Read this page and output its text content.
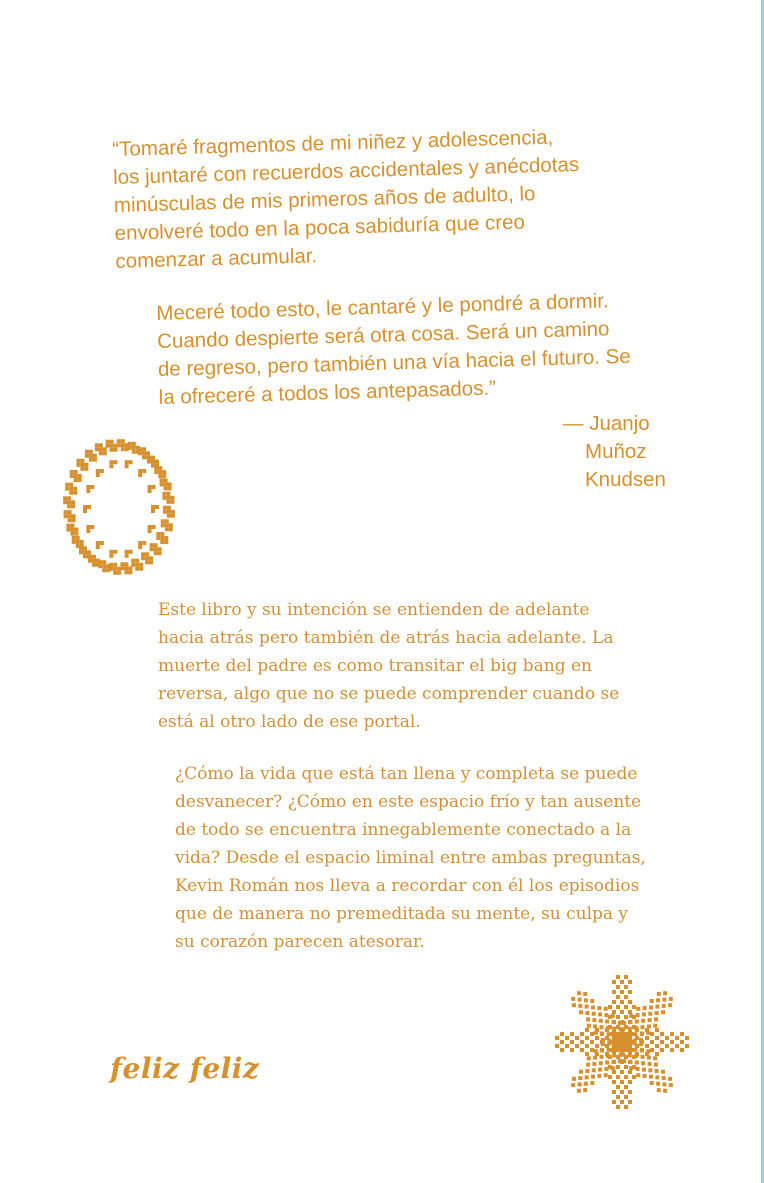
“Tomaré fragmentos de mi niñez y adolescencia,
los juntaré con recuerdos accidentales y anécdotas
minúsculas de mis primeros años de adulto, lo
envolveré todo en la poca sabiduría que creo
comenzar a acumular.

Meceré todo esto, le cantaré y le pondré a dormir.
Cuando despierte será otra cosa. Será un camino
de regreso, pero también una vía hacia el futuro. Se
la ofreceré a todos los antepasados.”

— Juanjo
Muñoz
Knudsen

Este libro y su intención se entienden de adelante
hacia atrás pero también de atrás hacia adelante. La
muerte del padre es como transitar el big bang en
reversa, algo que no se puede comprender cuando se
está al otro lado de ese portal.

¿Cómo la vida que está tan llena y completa se puede
desvanecer? ¿Cómo en este espacio frío y tan ausente
de todo se encuentra innegablemente conectado a la
vida? Desde el espacio liminal entre ambas preguntas,
Kevin Román nos lleva a recordar con él los episodios
que de manera no premeditada su mente, su culpa y
su corazón parecen atesorar.

feliz feliz
